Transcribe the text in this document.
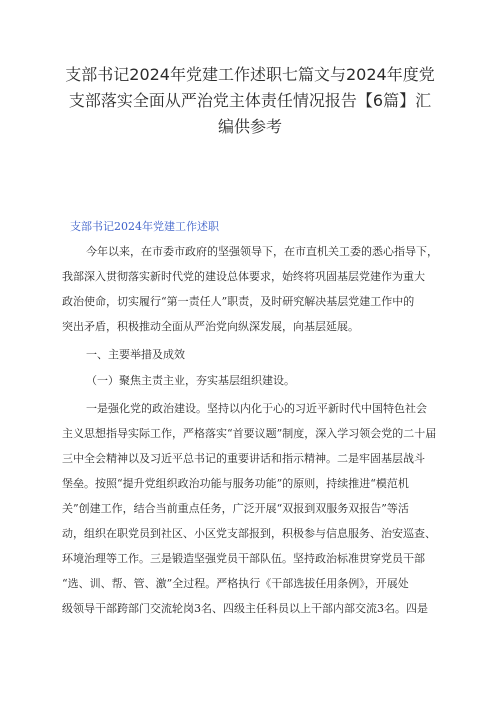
支部书记2024年党建工作述职七篇文与2024年度党
支部落实全面从严治党主体责任情况报告【6篇】汇
编供参考
支部书记2024年党建工作述职
今年以来，在市委市政府的坚强领导下，在市直机关工委的悉心指导下，
我部深入贯彻落实新时代党的建设总体要求，始终将巩固基层党建作为重大
政治使命，切实履行“第一责任人”职责，及时研究解决基层党建工作中的
突出矛盾，积极推动全面从严治党向纵深发展，向基层延展。
一、主要举措及成效
（一）聚焦主责主业，夯实基层组织建设。
一是强化党的政治建设。坚持以内化于心的习近平新时代中国特色社会
主义思想指导实际工作，严格落实“首要议题”制度，深入学习领会党的二十届
三中全会精神以及习近平总书记的重要讲话和指示精神。二是牢固基层战斗
堡垒。按照“提升党组织政治功能与服务功能”的原则，持续推进“模范机
关”创建工作，结合当前重点任务，广泛开展“双报到双服务双报告”等活
动，组织在职党员到社区、小区党支部报到，积极参与信息服务、治安巡查、
环境治理等工作。三是锻造坚强党员干部队伍。坚持政治标准贯穿党员干部
“选、训、帮、管、激”全过程。严格执行《干部选拔任用条例》，开展处
级领导干部跨部门交流轮岗3名、四级主任科员以上干部内部交流3名。四是
